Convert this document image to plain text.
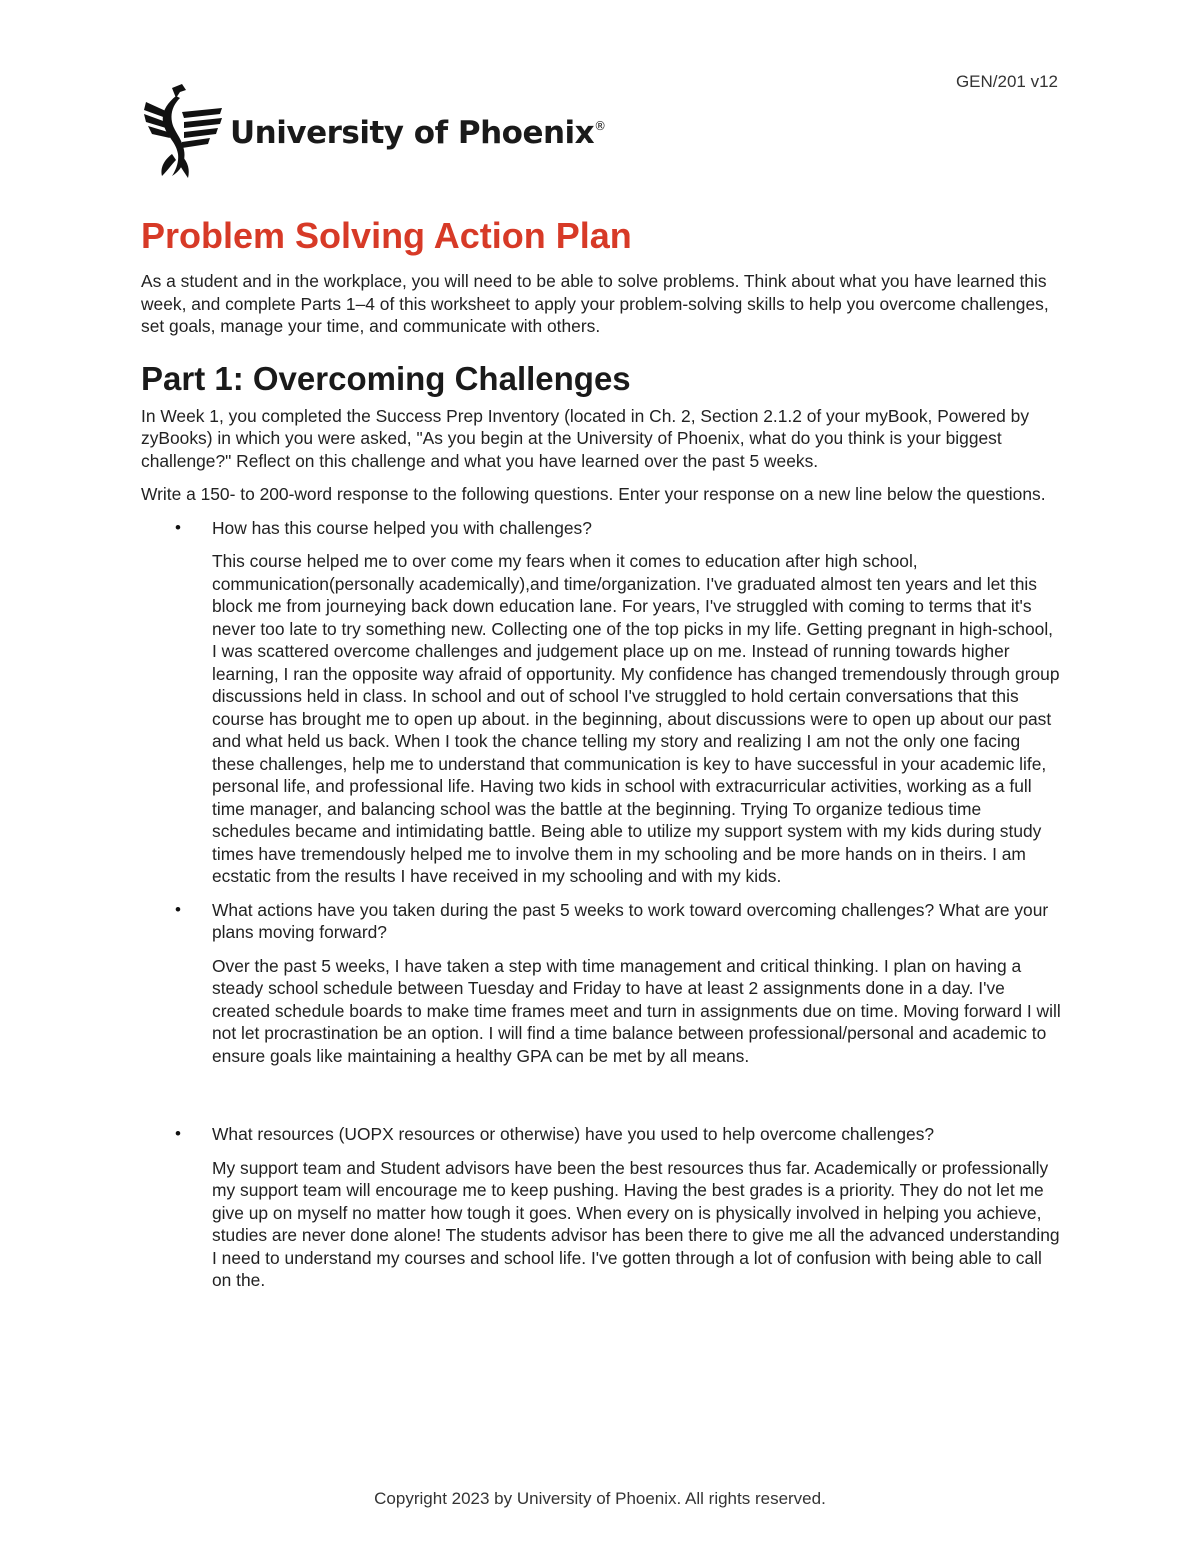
GEN/201 v12
University of Phoenix®
Problem Solving Action Plan

As a student and in the workplace, you will need to be able to solve problems. Think about what you have learned this week, and complete Parts 1–4 of this worksheet to apply your problem-solving skills to help you overcome challenges, set goals, manage your time, and communicate with others.

Part 1: Overcoming Challenges

In Week 1, you completed the Success Prep Inventory (located in Ch. 2, Section 2.1.2 of your myBook, Powered by zyBooks) in which you were asked, "As you begin at the University of Phoenix, what do you think is your biggest challenge?" Reflect on this challenge and what you have learned over the past 5 weeks.

Write a 150- to 200-word response to the following questions. Enter your response on a new line below the questions.

• How has this course helped you with challenges?

This course helped me to over come my fears when it comes to education after high school, communication(personally academically),and time/organization. I've graduated almost ten years and let this block me from journeying back down education lane. For years, I've struggled with coming to terms that it's never too late to try something new. Collecting one of the top picks in my life. Getting pregnant in high-school, I was scattered overcome challenges and judgement place up on me. Instead of running towards higher learning, I ran the opposite way afraid of opportunity. My confidence has changed tremendously through group discussions held in class. In school and out of school I've struggled to hold certain conversations that this course has brought me to open up about. in the beginning, about discussions were to open up about our past and what held us back. When I took the chance telling my story and realizing I am not the only one facing these challenges, help me to understand that communication is key to have successful in your academic life, personal life, and professional life. Having two kids in school with extracurricular activities, working as a full time manager, and balancing school was the battle at the beginning. Trying To organize tedious time schedules became and intimidating battle. Being able to utilize my support system with my kids during study times have tremendously helped me to involve them in my schooling and be more hands on in theirs. I am ecstatic from the results I have received in my schooling and with my kids.

• What actions have you taken during the past 5 weeks to work toward overcoming challenges? What are your plans moving forward?

Over the past 5 weeks, I have taken a step with time management and critical thinking. I plan on having a steady school schedule between Tuesday and Friday to have at least 2 assignments done in a day. I've created schedule boards to make time frames meet and turn in assignments due on time. Moving forward I will not let procrastination be an option. I will find a time balance between professional/personal and academic to ensure goals like maintaining a healthy GPA can be met by all means.

• What resources (UOPX resources or otherwise) have you used to help overcome challenges?

My support team and Student advisors have been the best resources thus far. Academically or professionally my support team will encourage me to keep pushing. Having the best grades is a priority. They do not let me give up on myself no matter how tough it goes. When every on is physically involved in helping you achieve, studies are never done alone! The students advisor has been there to give me all the advanced understanding I need to understand my courses and school life. I've gotten through a lot of confusion with being able to call on the.

Copyright 2023 by University of Phoenix. All rights reserved.
